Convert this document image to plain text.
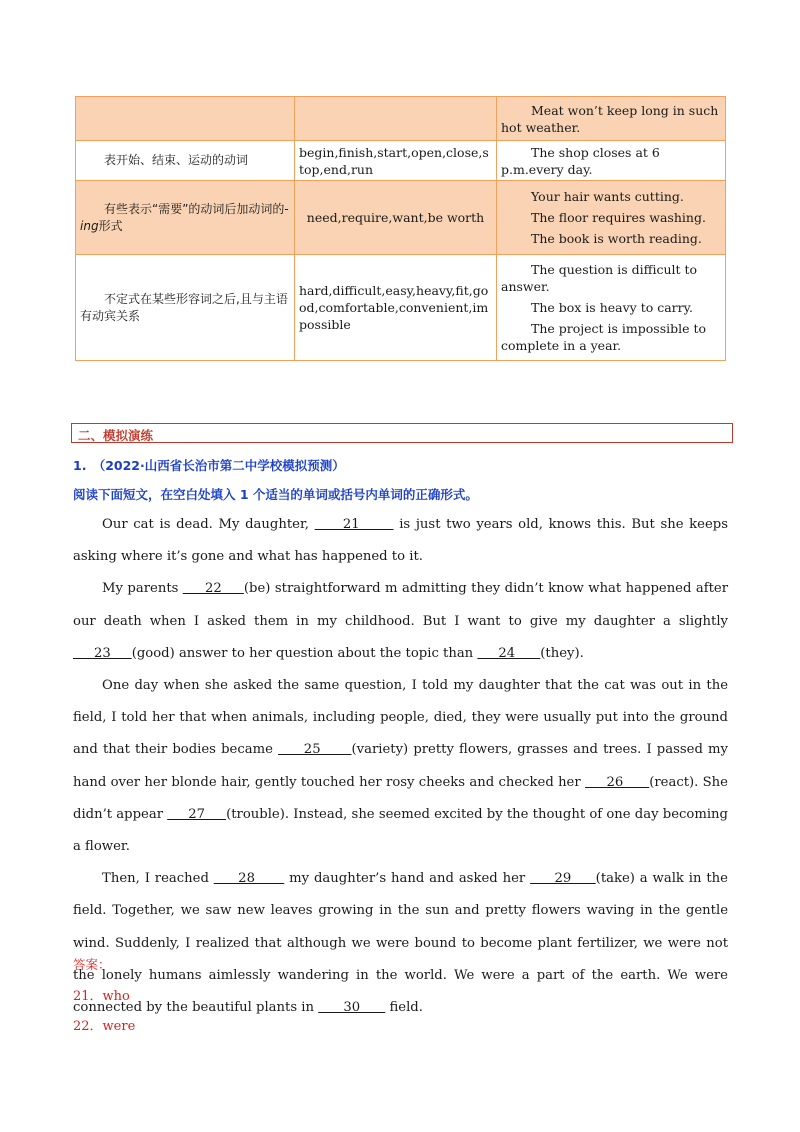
		Meat won’t keep long in such hot weather.

表开始、结束、运动的动词	begin,finish,start,open,close,stop,end,run	The shop closes at 6 p.m.every day.

有些表示“需要”的动词后加动词的-ing形式	need,require,want,be worth	Your hair wants cutting.

The floor requires washing.

The book is worth reading.

不定式在某些形容词之后,且与主语有动宾关系	hard,difficult,easy,heavy,fit,good,comfortable,convenient,impossible	The question is difficult to answer.

The box is heavy to carry.

The project is impossible to complete in a year.

二、模拟演练
1.　（2022·山西省长治市第二中学校模拟预测）
阅读下面短文，在空白处填入 1 个适当的单词或括号内单词的正确形式。

Our cat is dead. My daughter,      21       is just two years old, knows this. But she keeps asking where it’s gone and what has happened to it.

My parents      22     (be) straightforward m admitting they didn’t know what happened after our death when I asked them in my childhood. But I want to give my daughter a slightly      23     (good) answer to her question about the topic than      24      (they).

One day when she asked the same question, I told my daughter that the cat was out in the field, I told her that when animals, including people, died, they were usually put into the ground and that their bodies became      25      (variety) pretty flowers, grasses and trees. I passed my hand over her blonde hair, gently touched her rosy cheeks and checked her      26      (react). She didn’t appear      27     (trouble). Instead, she seemed excited by the thought of one day becoming a flower.

Then, I reached      28       my daughter’s hand and asked her      29     (take) a walk in the field. Together, we saw new leaves growing in the sun and pretty flowers waving in the gentle wind. Suddenly, I realized that although we were bound to become plant fertilizer, we were not the lonely humans aimlessly wandering in the world. We were a part of the earth. We were connected by the beautiful plants in       30       field.

答案：
21．who
22．were
